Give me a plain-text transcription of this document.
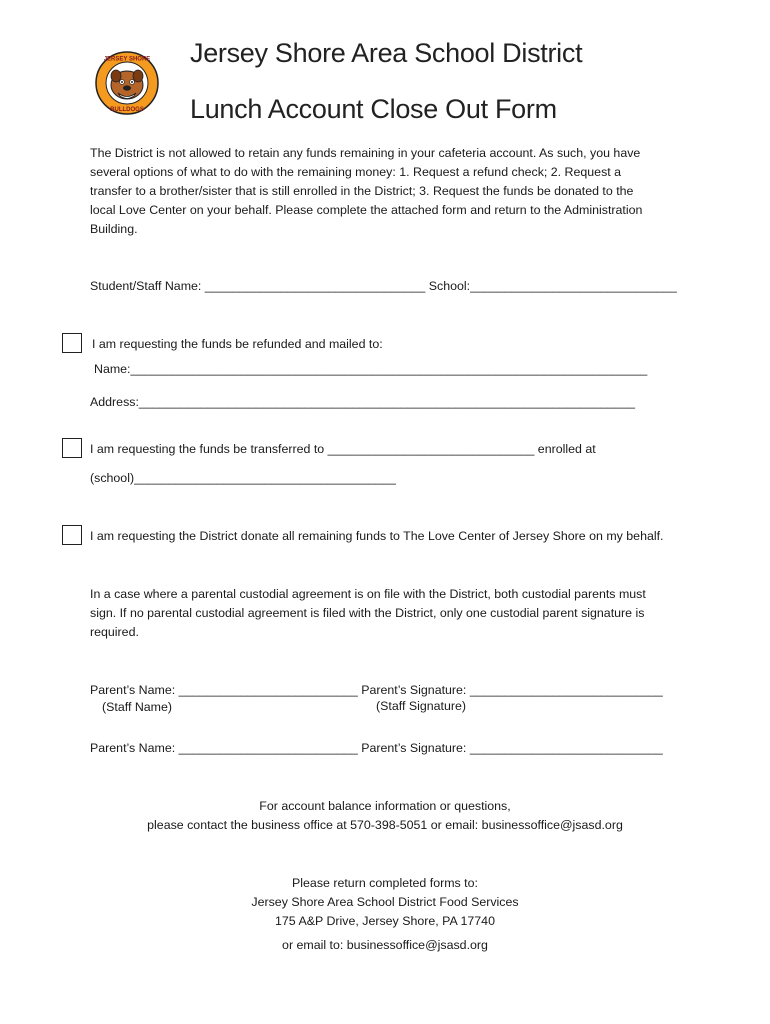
JERSEY SHORE
BULLDOGS
Jersey Shore Area School District
Lunch Account Close Out Form
The District is not allowed to retain any funds remaining in your cafeteria account. As such, you have
several options of what to do with the remaining money: 1. Request a refund check; 2. Request a
transfer to a brother/sister that is still enrolled in the District; 3. Request the funds be donated to the
local Love Center on your behalf. Please complete the attached form and return to the Administration
Building.
Student/Staff Name: ________________________________ School:______________________________
I am requesting the funds be refunded and mailed to:
Name:___________________________________________________________________________
Address:________________________________________________________________________
I am requesting the funds be transferred to ______________________________ enrolled at
(school)______________________________________
I am requesting the District donate all remaining funds to The Love Center of Jersey Shore on my behalf.
In a case where a parental custodial agreement is on file with the District, both custodial parents must
sign. If no parental custodial agreement is filed with the District, only one custodial parent signature is
required.
Parent’s Name: __________________________ Parent’s Signature: ____________________________
(Staff Name)	(Staff Signature)
Parent’s Name: __________________________ Parent’s Signature: ____________________________
For account balance information or questions,
please contact the business office at 570-398-5051 or email: businessoffice@jsasd.org
Please return completed forms to:
Jersey Shore Area School District Food Services
175 A&P Drive, Jersey Shore, PA 17740
or email to: businessoffice@jsasd.org
